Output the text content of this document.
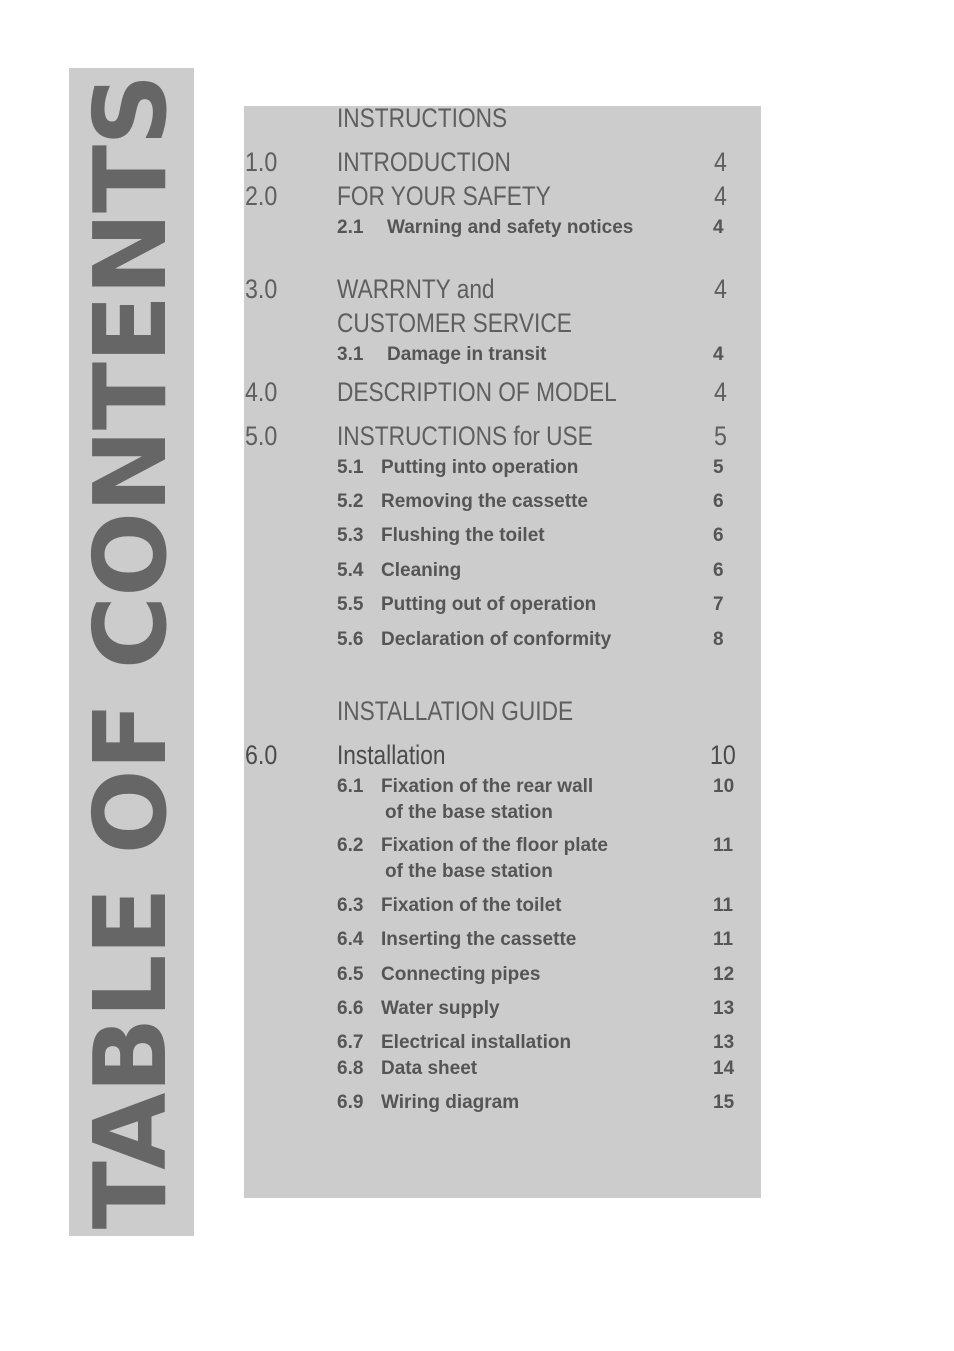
TABLE OF CONTENTS	INSTRUCTIONS
1.0 INTRODUCTION	4
2.0 FOR YOUR SAFETY	4
2.1 Warning and safety notices	4
3.0 WARRNTY and	4
CUSTOMER SERVICE
3.1 Damage in transit	4
4.0 DESCRIPTION OF MODEL	4
5.0 INSTRUCTIONS for USE	5
5.1 Putting into operation	5
5.2 Removing the cassette	6
5.3 Flushing the toilet	6
5.4 Cleaning	6
5.5 Putting out of operation	7
5.6 Declaration of conformity	8
INSTALLATION GUIDE
6.0 Installation	10
6.1 Fixation of the rear wall	10
of the base station
6.2 Fixation of the floor plate	11
of the base station
6.3 Fixation of the toilet	11
6.4 Inserting the cassette	11
6.5 Connecting pipes	12
6.6 Water supply	13
6.7 Electrical installation	13
6.8 Data sheet	14
6.9 Wiring diagram	15
